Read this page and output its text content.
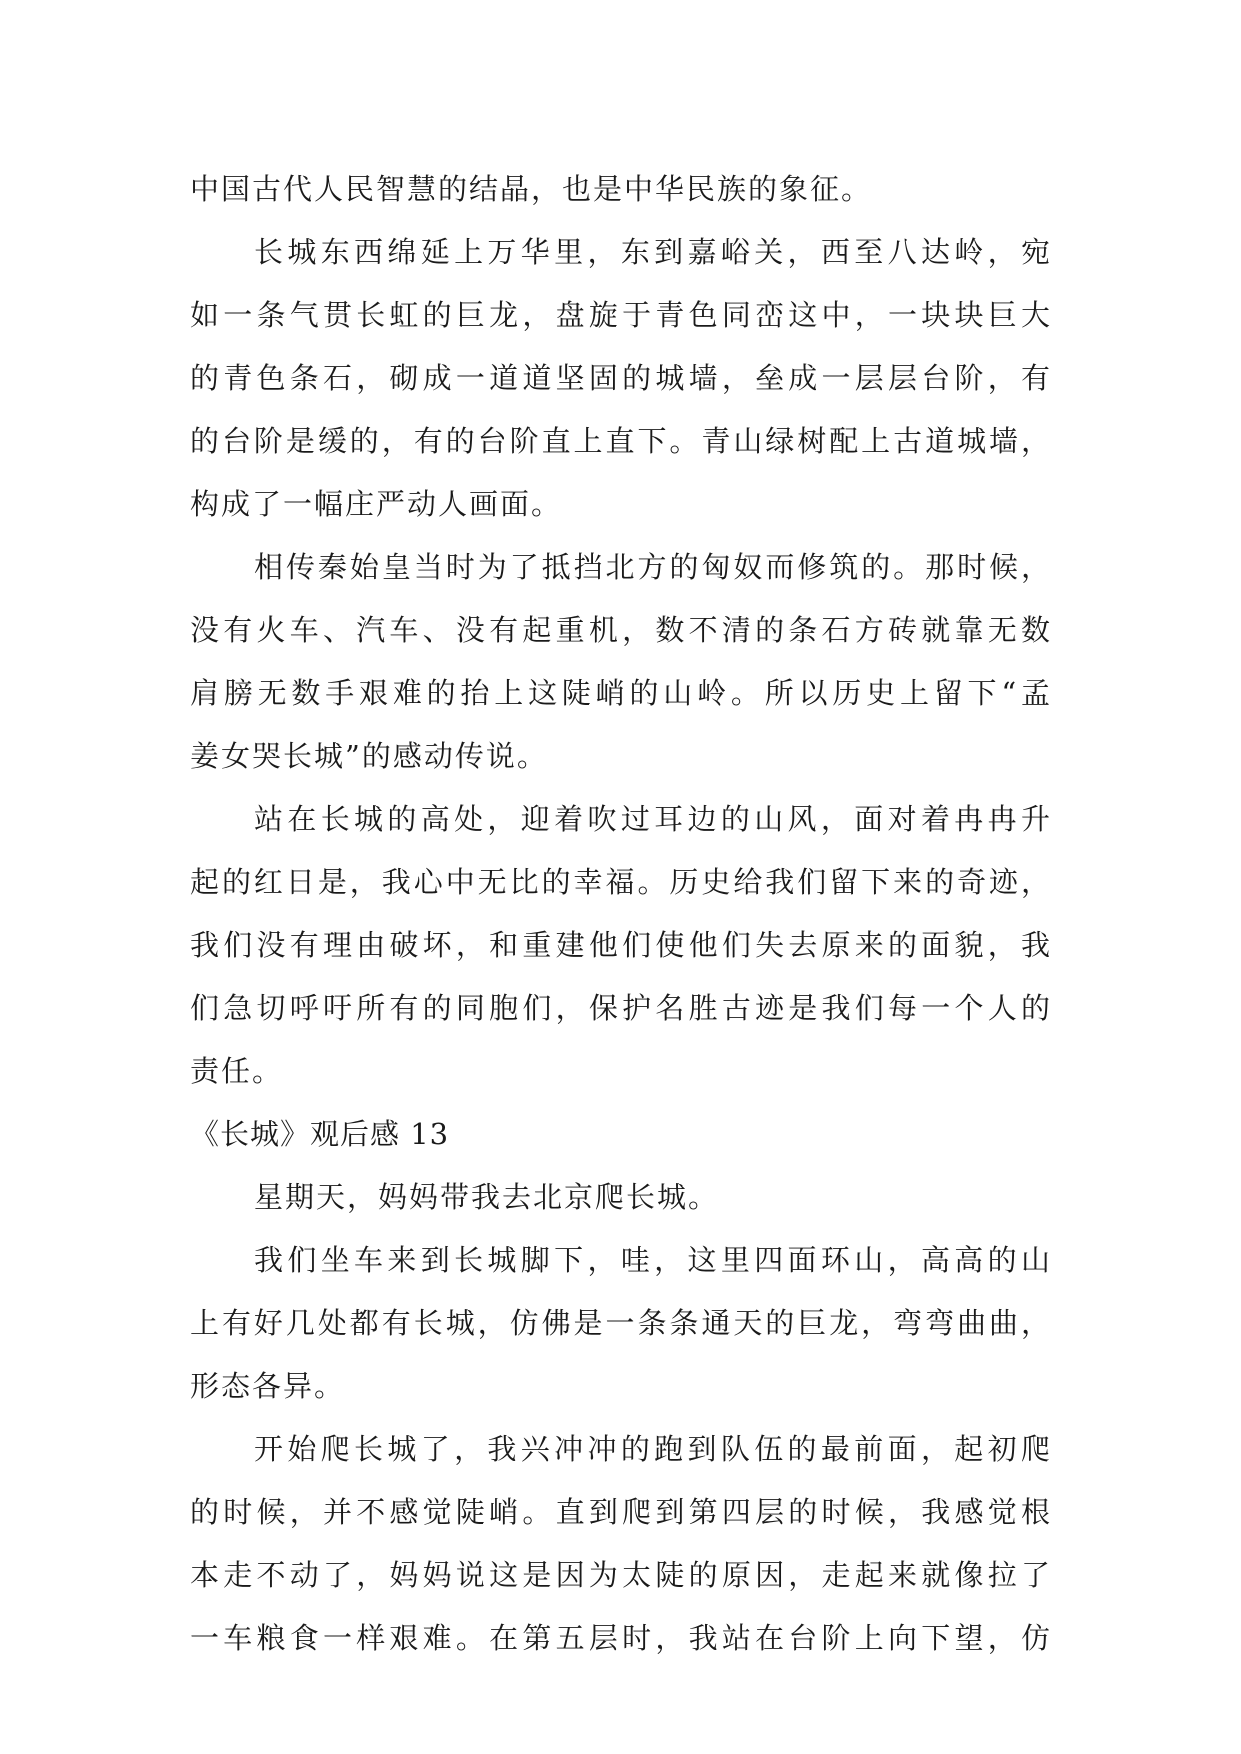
中国古代人民智慧的结晶，也是中华民族的象征。
长城东西绵延上万华里，东到嘉峪关，西至八达岭，宛
如一条气贯长虹的巨龙，盘旋于青色同峦这中，一块块巨大
的青色条石，砌成一道道坚固的城墙，垒成一层层台阶，有
的台阶是缓的，有的台阶直上直下。青山绿树配上古道城墙，
构成了一幅庄严动人画面。
相传秦始皇当时为了抵挡北方的匈奴而修筑的。那时候，
没有火车、汽车、没有起重机，数不清的条石方砖就靠无数
肩膀无数手艰难的抬上这陡峭的山岭。所以历史上留下“孟
姜女哭长城”的感动传说。
站在长城的高处，迎着吹过耳边的山风，面对着冉冉升
起的红日是，我心中无比的幸福。历史给我们留下来的奇迹，
我们没有理由破坏，和重建他们使他们失去原来的面貌，我
们急切呼吁所有的同胞们，保护名胜古迹是我们每一个人的
责任。
《长城》观后感 13
星期天，妈妈带我去北京爬长城。
我们坐车来到长城脚下，哇，这里四面环山，高高的山
上有好几处都有长城，仿佛是一条条通天的巨龙，弯弯曲曲，
形态各异。
开始爬长城了，我兴冲冲的跑到队伍的最前面，起初爬
的时候，并不感觉陡峭。直到爬到第四层的时候，我感觉根
本走不动了，妈妈说这是因为太陡的原因，走起来就像拉了
一车粮食一样艰难。在第五层时，我站在台阶上向下望，仿
